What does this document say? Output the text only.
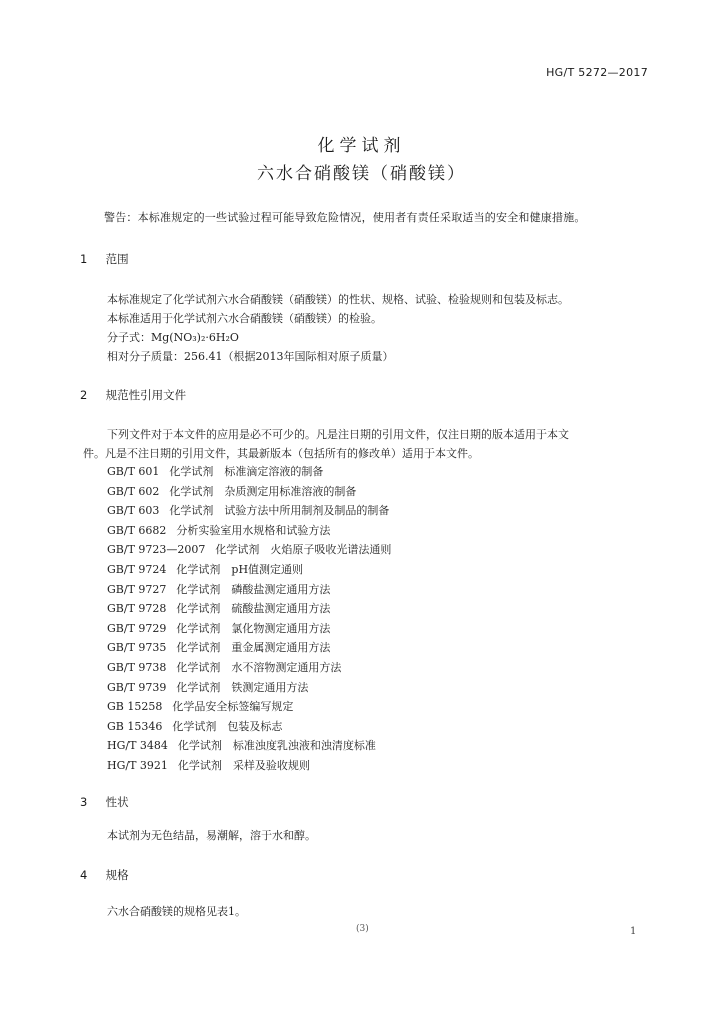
HG/T 5272—2017
化学试剂
六水合硝酸镁（硝酸镁）
警告：本标准规定的一些试验过程可能导致危险情况，使用者有责任采取适当的安全和健康措施。
1 范围
本标准规定了化学试剂六水合硝酸镁（硝酸镁）的性状、规格、试验、检验规则和包装及标志。
本标准适用于化学试剂六水合硝酸镁（硝酸镁）的检验。
分子式：Mg(NO₃)₂·6H₂O
相对分子质量：256.41（根据2013年国际相对原子质量）
2 规范性引用文件
下列文件对于本文件的应用是必不可少的。凡是注日期的引用文件，仅注日期的版本适用于本文
件。凡是不注日期的引用文件，其最新版本（包括所有的修改单）适用于本文件。
GB/T 601 化学试剂　标准滴定溶液的制备
GB/T 602 化学试剂　杂质测定用标准溶液的制备
GB/T 603 化学试剂　试验方法中所用制剂及制品的制备
GB/T 6682 分析实验室用水规格和试验方法
GB/T 9723—2007 化学试剂　火焰原子吸收光谱法通则
GB/T 9724 化学试剂　pH值测定通则
GB/T 9727 化学试剂　磷酸盐测定通用方法
GB/T 9728 化学试剂　硫酸盐测定通用方法
GB/T 9729 化学试剂　氯化物测定通用方法
GB/T 9735 化学试剂　重金属测定通用方法
GB/T 9738 化学试剂　水不溶物测定通用方法
GB/T 9739 化学试剂　铁测定通用方法
GB 15258 化学品安全标签编写规定
GB 15346 化学试剂　包装及标志
HG/T 3484 化学试剂　标准浊度乳浊液和浊清度标准
HG/T 3921 化学试剂　采样及验收规则
3 性状
本试剂为无色结晶，易潮解，溶于水和醇。
4 规格
六水合硝酸镁的规格见表1。
(3)	1
